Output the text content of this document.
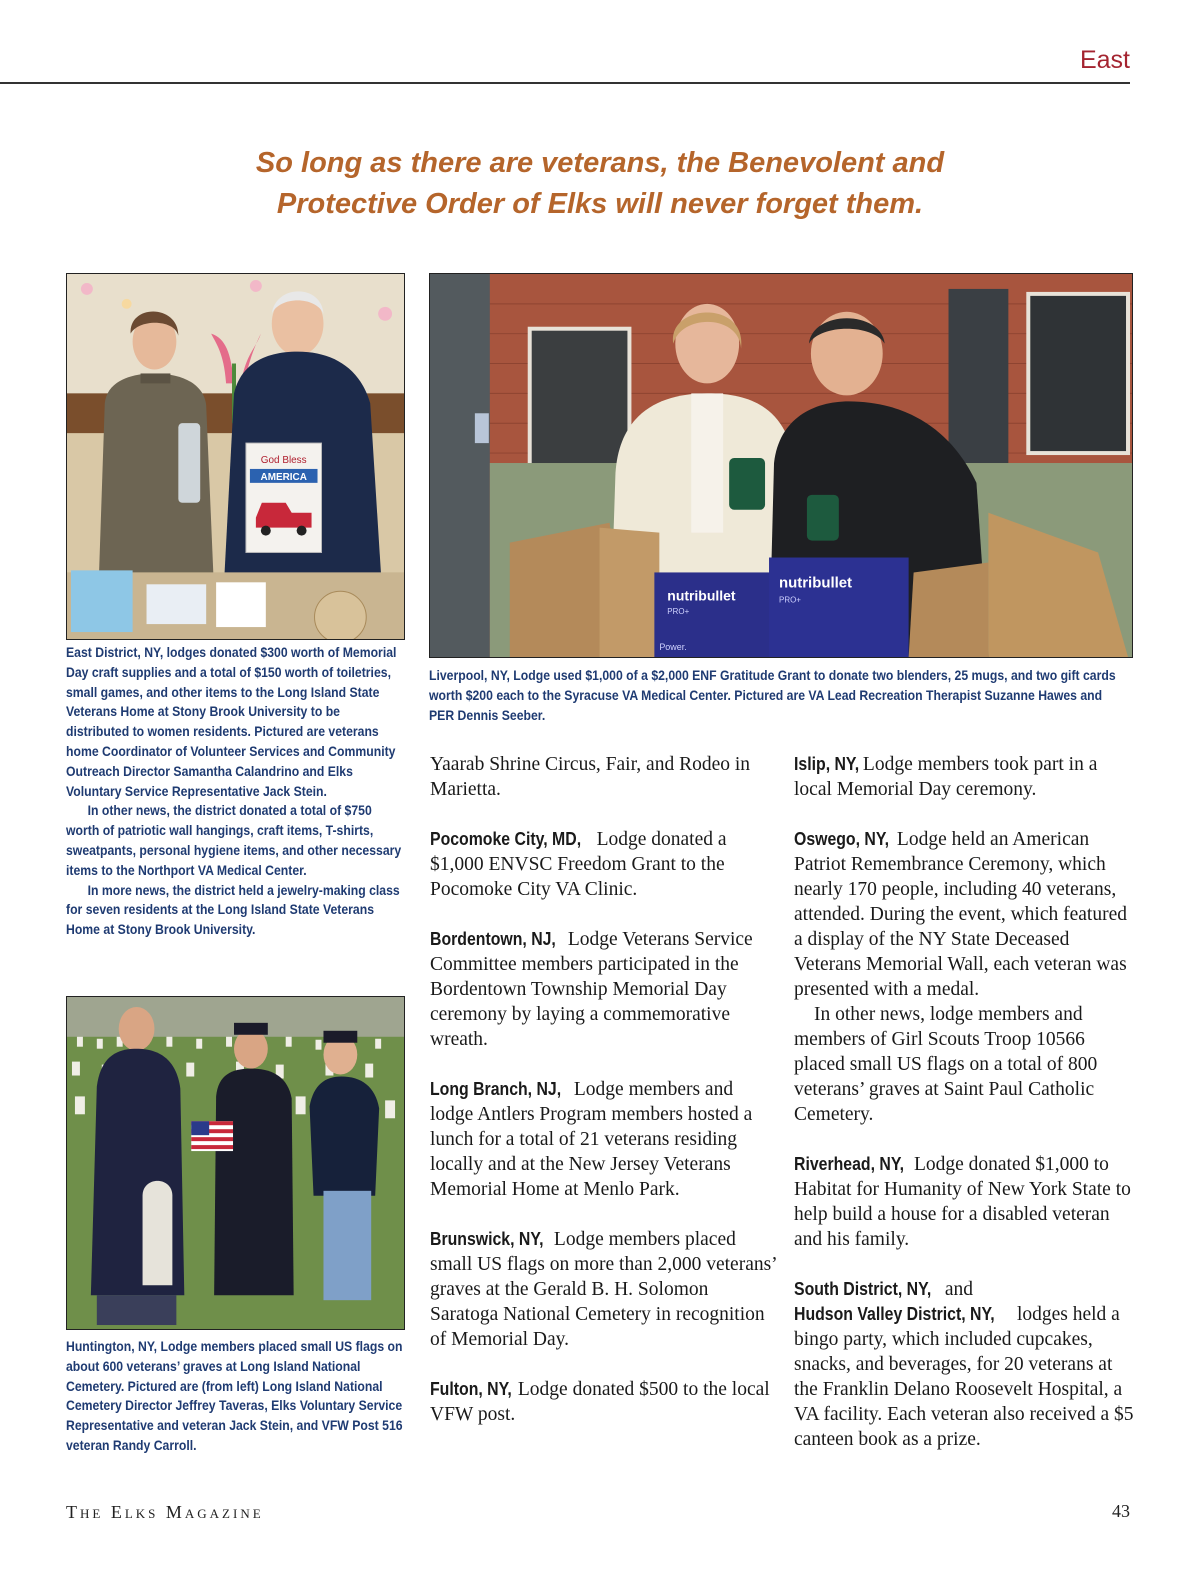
East
So long as there are veterans, the Benevolent and
Protective Order of Elks will never forget them.
God Bless
AMERICA
nutribullet
PRO+
Power.
nutribullet
PRO+

East District, NY, lodges donated $300 worth of Memorial Day craft supplies and a total of $150 worth of toiletries, small games, and other items to the Long Island State Veterans Home at Stony Brook University to be distributed to women residents. Pictured are veterans home Coordinator of Volunteer Services and Community Outreach Director Samantha Calandrino and Elks Voluntary Service Representative Jack Stein.

In other news, the district donated a total of $750 worth of patriotic wall hangings, craft items, T-shirts, sweatpants, personal hygiene items, and other necessary items to the Northport VA Medical Center.

In more news, the district held a jewelry-making class for seven residents at the Long Island State Veterans Home at Stony Brook University.

Liverpool, NY, Lodge used $1,000 of a $2,000 ENF Gratitude Grant to donate two blenders, 25 mugs, and two gift cards worth $200 each to the Syracuse VA Medical Center. Pictured are VA Lead Recreation Therapist Suzanne Hawes and PER Dennis Seeber.

Huntington, NY, Lodge members placed small US flags on about 600 veterans’ graves at Long Island National Cemetery. Pictured are (from left) Long Island National Cemetery Director Jeffrey Taveras, Elks Voluntary Service Representative and veteran Jack Stein, and VFW Post 516 veteran Randy Carroll.

Yaarab Shrine Circus, Fair, and Rodeo in Marietta.

Pocomoke City, MD, Lodge donated a $1,000 ENVSC Freedom Grant to the Pocomoke City VA Clinic.

Bordentown, NJ, Lodge Veterans Service Committee members participated in the Bordentown Township Memorial Day ceremony by laying a commemorative wreath.

Long Branch, NJ, Lodge members and lodge Antlers Program members hosted a lunch for a total of 21 veterans residing locally and at the New Jersey Veterans Memorial Home at Menlo Park.

Brunswick, NY, Lodge members placed small US flags on more than 2,000 veterans’ graves at the Gerald B. H. Solomon Saratoga National Cemetery in recognition of Memorial Day.

Fulton, NY, Lodge donated $500 to the local VFW post.

Islip, NY, Lodge members took part in a local Memorial Day ceremony.

Oswego, NY, Lodge held an American Patriot Remembrance Ceremony, which nearly 170 people, including 40 veterans, attended. During the event, which featured a display of the NY State Deceased Veterans Memorial Wall, each veteran was presented with a medal.

In other news, lodge members and members of Girl Scouts Troop 10566 placed small US flags on a total of 800 veterans’ graves at Saint Paul Catholic Cemetery.

Riverhead, NY, Lodge donated $1,000 to Habitat for Humanity of New York State to help build a house for a disabled veteran and his family.

South District, NY, and Hudson Valley District, NY, lodges held a bingo party, which included cupcakes, snacks, and beverages, for 20 veterans at the Franklin Delano Roosevelt Hospital, a VA facility. Each veteran also received a $5 canteen book as a prize.

The Elks Magazine	43
